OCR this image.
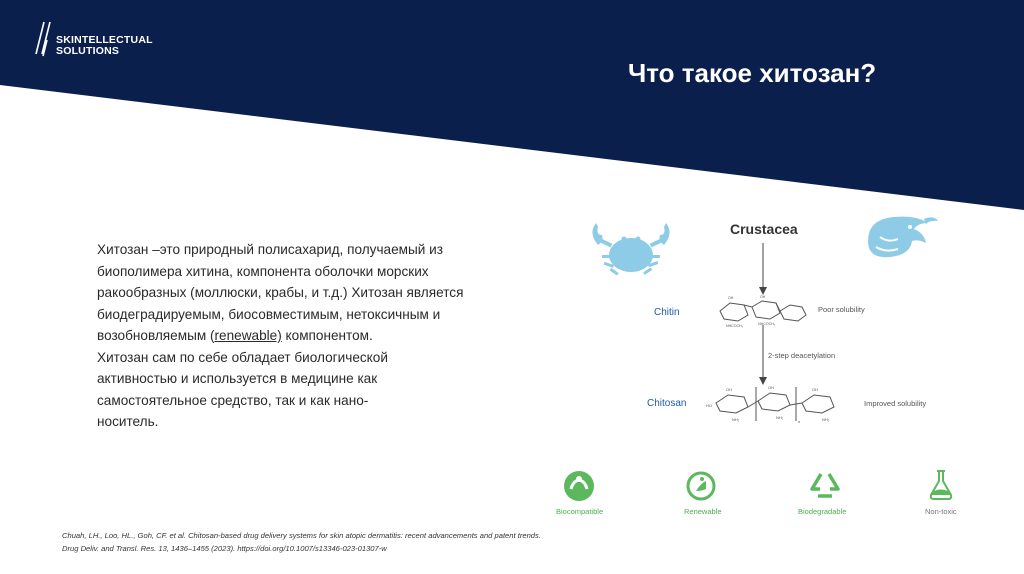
SKINTELLECTUAL
SOLUTIONS
Что такое хитозан?

Хитозан –это природный полисахарид, получаемый из

биополимера хитина, компонента оболочки морских

ракообразных (моллюски, крабы, и т.д.) Хитозан является

биодеградируемым, биосовместимым, нетоксичным и

возобновляемым (renewable) компонентом.

Хитозан сам по себе обладает биологической

активностью и используется в медицине как

самостоятельное средство, так и как нано-

носитель.

Crustacea
Chitin
Chitosan
Poor solubility
2-step deacetylation
Improved solubility
OH	OH
NHCOCH₃	NHCOCH₃
OH	OH	OH
HO
NH₂	NH₂	NH₂
n
Biocompatible	Renewable	Biodegradable	Non-toxic
Chuah, LH., Loo, HL., Goh, CF. et al. Chitosan-based drug delivery systems for skin atopic dermatitis: recent advancements and patent trends.
Drug Deliv. and Transl. Res. 13, 1436–1455 (2023). https://doi.org/10.1007/s13346-023-01307-w
